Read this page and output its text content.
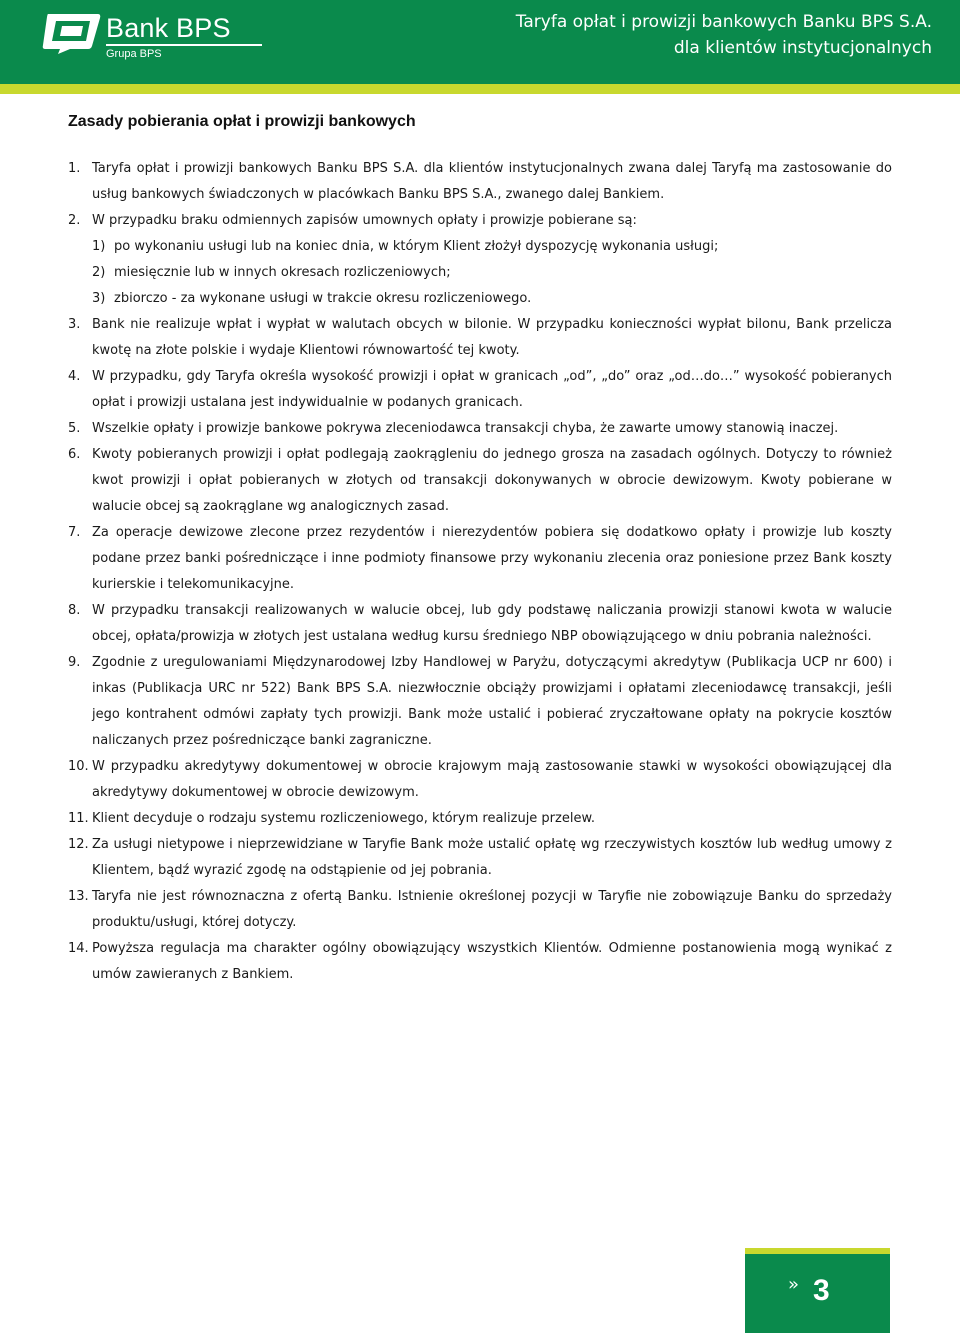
Bank BPS
Grupa BPS
Taryfa opłat i prowizji bankowych Banku BPS S.A.
dla klientów instytucjonalnych
Zasady pobierania opłat i prowizji bankowych
1. Taryfa opłat i prowizji bankowych Banku BPS S.A. dla klientów instytucjonalnych zwana dalej Taryfą ma zastosowanie do usług bankowych świadczonych w placówkach Banku BPS S.A., zwanego dalej Bankiem.
2. W przypadku braku odmiennych zapisów umownych opłaty i prowizje pobierane są:
1) po wykonaniu usługi lub na koniec dnia, w którym Klient złożył dyspozycję wykonania usługi;
2) miesięcznie lub w innych okresach rozliczeniowych;
3) zbiorczo - za wykonane usługi w trakcie okresu rozliczeniowego.
3. Bank nie realizuje wpłat i wypłat w walutach obcych w bilonie. W przypadku konieczności wypłat bilonu, Bank przelicza kwotę na złote polskie i wydaje Klientowi równowartość tej kwoty.
4. W przypadku, gdy Taryfa określa wysokość prowizji i opłat w granicach „od”, „do” oraz „od…do…” wysokość pobieranych opłat i prowizji ustalana jest indywidualnie w podanych granicach.
5. Wszelkie opłaty i prowizje bankowe pokrywa zleceniodawca transakcji chyba, że zawarte umowy stanowią inaczej.
6. Kwoty pobieranych prowizji i opłat podlegają zaokrągleniu do jednego grosza na zasadach ogólnych. Dotyczy to również kwot prowizji i opłat pobieranych w złotych od transakcji dokonywanych w obrocie dewizowym. Kwoty pobierane w walucie obcej są zaokrąglane wg analogicznych zasad.
7. Za operacje dewizowe zlecone przez rezydentów i nierezydentów pobiera się dodatkowo opłaty i prowizje lub koszty podane przez banki pośredniczące i inne podmioty finansowe przy wykonaniu zlecenia oraz poniesione przez Bank koszty kurierskie i telekomunikacyjne.
8. W przypadku transakcji realizowanych w walucie obcej, lub gdy podstawę naliczania prowizji stanowi kwota w walucie obcej, opłata/prowizja w złotych jest ustalana według kursu średniego NBP obowiązującego w dniu pobrania należności.
9. Zgodnie z uregulowaniami Międzynarodowej Izby Handlowej w Paryżu, dotyczącymi akredytyw (Publikacja UCP nr 600) i inkas (Publikacja URC nr 522) Bank BPS S.A. niezwłocznie obciąży prowizjami i opłatami zleceniodawcę transakcji, jeśli jego kontrahent odmówi zapłaty tych prowizji. Bank może ustalić i pobierać zryczałtowane opłaty na pokrycie kosztów naliczanych przez pośredniczące banki zagraniczne.
10. W przypadku akredytywy dokumentowej w obrocie krajowym mają zastosowanie stawki w wysokości obowiązującej dla akredytywy dokumentowej w obrocie dewizowym.
11. Klient decyduje o rodzaju systemu rozliczeniowego, którym realizuje przelew.
12. Za usługi nietypowe i nieprzewidziane w Taryfie Bank może ustalić opłatę wg rzeczywistych kosztów lub według umowy z Klientem, bądź wyrazić zgodę na odstąpienie od jej pobrania.
13. Taryfa nie jest równoznaczna z ofertą Banku. Istnienie określonej pozycji w Taryfie nie zobowiązuje Banku do sprzedaży produktu/usługi, której dotyczy.
14. Powyższa regulacja ma charakter ogólny obowiązujący wszystkich Klientów. Odmienne postanowienia mogą wynikać z umów zawieranych z Bankiem.
» 3
